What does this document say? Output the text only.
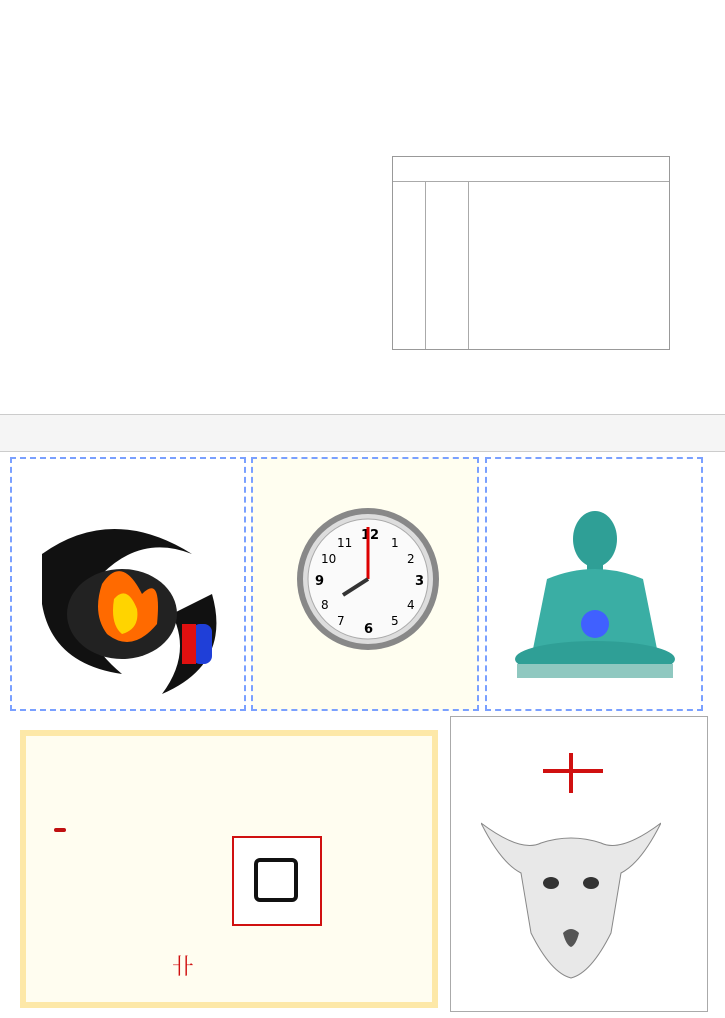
12
3
6
9
1
2
4
5
7
8
10
11
卝
